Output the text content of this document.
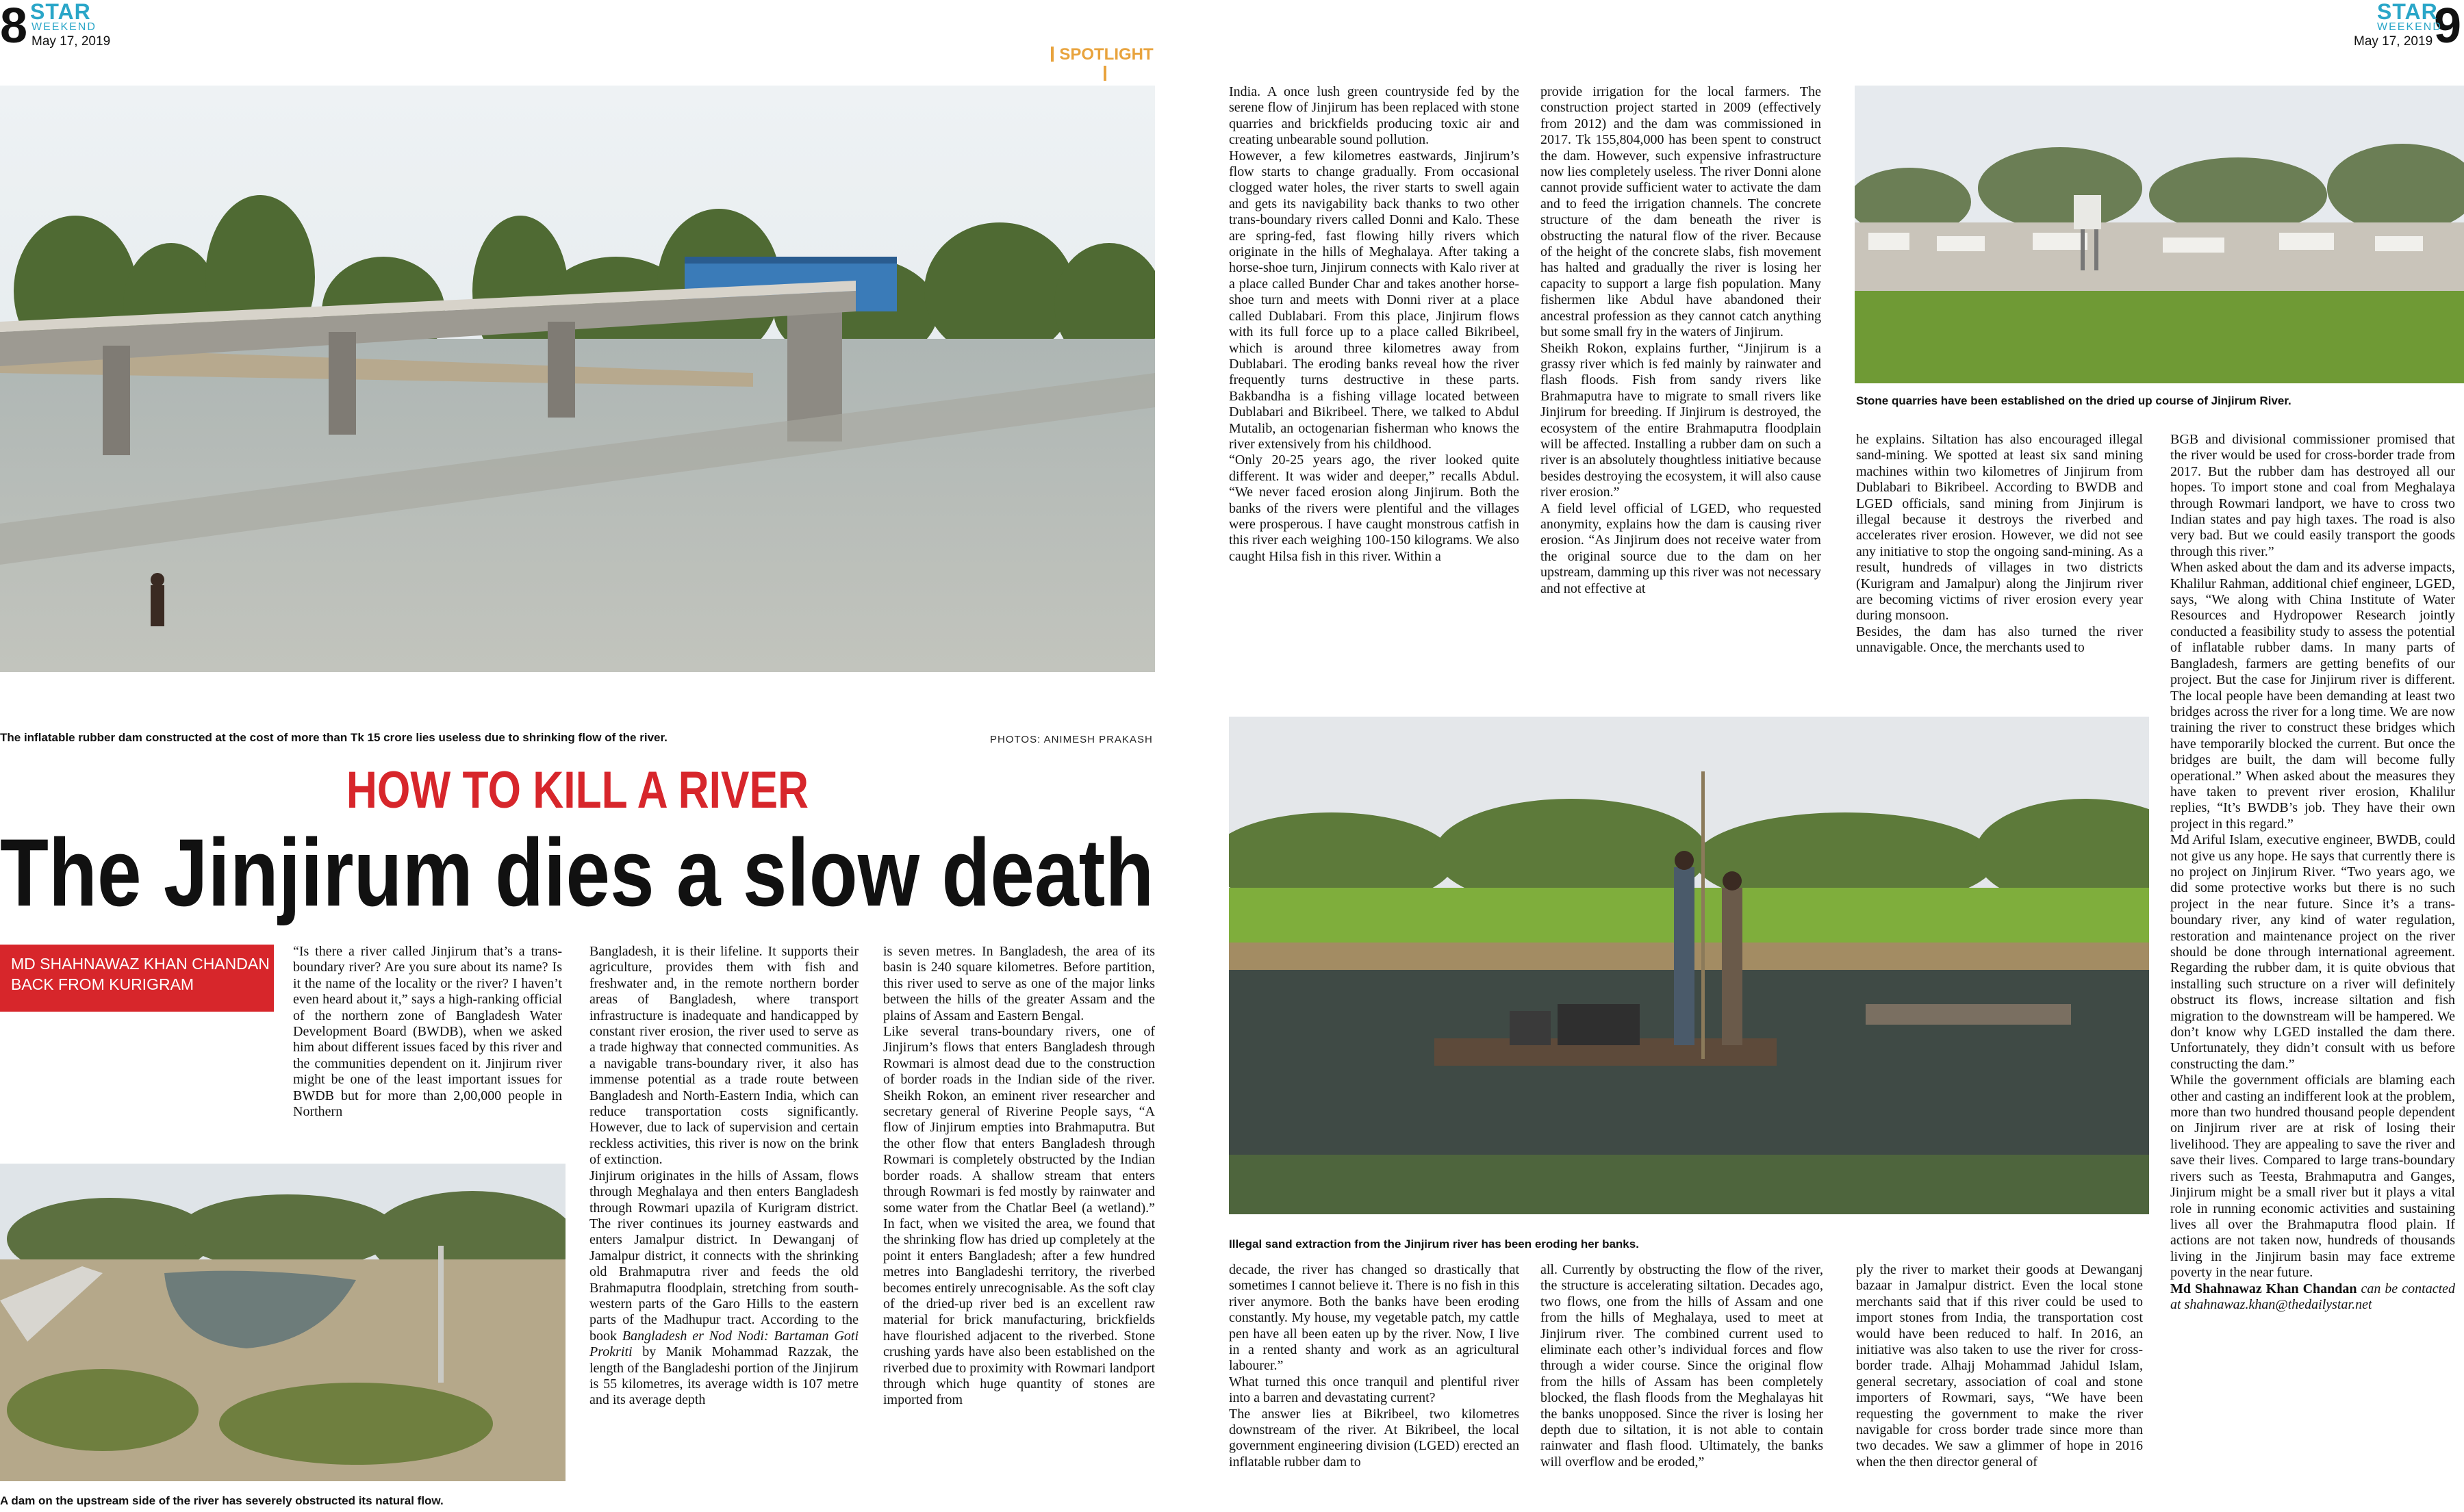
8 STAR
WEEKEND
May 17, 2019
SPOTLIGHT
9
STAR
WEEKEND
May 17, 2019
The inflatable rubber dam constructed at the cost of more than Tk 15 crore lies useless due to shrinking flow of the river.	PHOTOS: ANIMESH PRAKASH
HOW TO KILL A RIVER
The Jinjirum dies a slow death
MD SHAHNAWAZ KHAN CHANDAN
BACK FROM KURIGRAM
“Is there a river called Jinjirum that’s a trans-boundary river? Are you sure about its name? Is it the name of the locality or the river? I haven’t even heard about it,” says a high-ranking official of the northern zone of Bangladesh Water Development Board (BWDB), when we asked him about different issues faced by this river and the communities dependent on it. Jinjirum river might be one of the least important issues for BWDB but for more than 2,00,000 people in Northern
Bangladesh, it is their lifeline. It supports their agriculture, provides them with fish and freshwater and, in the remote northern border areas of Bangladesh, where transport infrastructure is inadequate and handicapped by constant river erosion, the river used to serve as a trade highway that connected communities. As a navigable trans-boundary river, it also has immense potential as a trade route between Bangladesh and North-Eastern India, which can reduce transportation costs significantly. However, due to lack of supervision and certain reckless activities, this river is now on the brink of extinction.
Jinjirum originates in the hills of Assam, flows through Meghalaya and then enters Bangladesh through Rowmari upazila of Kurigram district. The river continues its journey eastwards and enters Jamalpur district. In Dewanganj of Jamalpur district, it connects with the shrinking old Brahmaputra river and feeds the old Brahmaputra floodplain, stretching from south-western parts of the Garo Hills to the eastern parts of the Madhupur tract. According to the book Bangladesh er Nod Nodi: Bartaman Goti Prokriti by Manik Mohammad Razzak, the length of the Bangladeshi portion of the Jinjirum is 55 kilometres, its average width is 107 metre and its average depth
is seven metres. In Bangladesh, the area of its basin is 240 square kilometres. Before partition, this river used to serve as one of the major links between the hills of the greater Assam and the plains of Assam and Eastern Bengal.
Like several trans-boundary rivers, one of Jinjirum’s flows that enters Bangladesh through Rowmari is almost dead due to the construction of border roads in the Indian side of the river. Sheikh Rokon, an eminent river researcher and secretary general of Riverine People says, “A flow of Jinjirum empties into Brahmaputra. But the other flow that enters Bangladesh through Rowmari is completely obstructed by the Indian border roads. A shallow stream that enters through Rowmari is fed mostly by rainwater and some water from the Chatlar Beel (a wetland).” In fact, when we visited the area, we found that the shrinking flow has dried up completely at the point it enters Bangladesh; after a few hundred metres into Bangladeshi territory, the riverbed becomes entirely unrecognisable. As the soft clay of the dried-up river bed is an excellent raw material for brick manufacturing, brickfields have flourished adjacent to the riverbed. Stone crushing yards have also been established on the riverbed due to proximity with Rowmari landport through which huge quantity of stones are imported from
A dam on the upstream side of the river has severely obstructed its natural flow.
India. A once lush green countryside fed by the serene flow of Jinjirum has been replaced with stone quarries and brickfields producing toxic air and creating unbearable sound pollution.
However, a few kilometres eastwards, Jinjirum’s flow starts to change gradually. From occasional clogged water holes, the river starts to swell again and gets its navigability back thanks to two other trans-boundary rivers called Donni and Kalo. These are spring-fed, fast flowing hilly rivers which originate in the hills of Meghalaya. After taking a horse-shoe turn, Jinjirum connects with Kalo river at a place called Bunder Char and takes another horse-shoe turn and meets with Donni river at a place called Dublabari. From this place, Jinjirum flows with its full force up to a place called Bikribeel, which is around three kilometres away from Dublabari. The eroding banks reveal how the river frequently turns destructive in these parts. Bakbandha is a fishing village located between Dublabari and Bikribeel. There, we talked to Abdul Mutalib, an octogenarian fisherman who knows the river extensively from his childhood.
“Only 20-25 years ago, the river looked quite different. It was wider and deeper,” recalls Abdul. “We never faced erosion along Jinjirum. Both the banks of the rivers were plentiful and the villages were prosperous. I have caught monstrous catfish in this river each weighing 100-150 kilograms. We also caught Hilsa fish in this river. Within a
provide irrigation for the local farmers. The construction project started in 2009 (effectively from 2012) and the dam was commissioned in 2017. Tk 155,804,000 has been spent to construct the dam. However, such expensive infrastructure now lies completely useless. The river Donni alone cannot provide sufficient water to activate the dam and to feed the irrigation channels. The concrete structure of the dam beneath the river is obstructing the natural flow of the river. Because of the height of the concrete slabs, fish movement has halted and gradually the river is losing her capacity to support a large fish population. Many fishermen like Abdul have abandoned their ancestral profession as they cannot catch anything but some small fry in the waters of Jinjirum.
Sheikh Rokon, explains further, “Jinjirum is a grassy river which is fed mainly by rainwater and flash floods. Fish from sandy rivers like Brahmaputra have to migrate to small rivers like Jinjirum for breeding. If Jinjirum is destroyed, the ecosystem of the entire Brahmaputra floodplain will be affected. Installing a rubber dam on such a river is an absolutely thoughtless initiative because besides destroying the ecosystem, it will also cause river erosion.”
A field level official of LGED, who requested anonymity, explains how the dam is causing river erosion. “As Jinjirum does not receive water from the original source due to the dam on her upstream, damming up this river was not necessary and not effective at
Stone quarries have been established on the dried up course of Jinjirum River.
he explains. Siltation has also encouraged illegal sand-mining. We spotted at least six sand mining machines within two kilometres of Jinjirum from Dublabari to Bikribeel. According to BWDB and LGED officials, sand mining from Jinjirum is illegal because it destroys the riverbed and accelerates river erosion. However, we did not see any initiative to stop the ongoing sand-mining. As a result, hundreds of villages in two districts (Kurigram and Jamalpur) along the Jinjirum river are becoming victims of river erosion every year during monsoon.
Besides, the dam has also turned the river unnavigable. Once, the merchants used to
BGB and divisional commissioner promised that the river would be used for cross-border trade from 2017. But the rubber dam has destroyed all our hopes. To import stone and coal from Meghalaya through Rowmari landport, we have to cross two Indian states and pay high taxes. The road is also very bad. But we could easily transport the goods through this river.”
When asked about the dam and its adverse impacts, Khalilur Rahman, additional chief engineer, LGED, says, “We along with China Institute of Water Resources and Hydropower Research jointly conducted a feasibility study to assess the potential of inflatable rubber dams. In many parts of Bangladesh, farmers are getting benefits of our project. But the case for Jinjirum river is different. The local people have been demanding at least two bridges across the river for a long time. We are now training the river to construct these bridges which have temporarily blocked the current. But once the bridges are built, the dam will become fully operational.” When asked about the measures they have taken to prevent river erosion, Khalilur replies, “It’s BWDB’s job. They have their own project in this regard.”
Md Ariful Islam, executive engineer, BWDB, could not give us any hope. He says that currently there is no project on Jinjirum River. “Two years ago, we did some protective works but there is no such project in the near future. Since it’s a trans-boundary river, any kind of water regulation, restoration and maintenance project on the river should be done through international agreement. Regarding the rubber dam, it is quite obvious that installing such structure on a river will definitely obstruct its flows, increase siltation and fish migration to the downstream will be hampered. We don’t know why LGED installed the dam there. Unfortunately, they didn’t consult with us before constructing the dam.”
While the government officials are blaming each other and casting an indifferent look at the problem, more than two hundred thousand people dependent on Jinjirum river are at risk of losing their livelihood. They are appealing to save the river and save their lives. Compared to large trans-boundary rivers such as Teesta, Brahmaputra and Ganges, Jinjirum might be a small river but it plays a vital role in running economic activities and sustaining lives all over the Brahmaputra flood plain. If actions are not taken now, hundreds of thousands living in the Jinjirum basin may face extreme poverty in the near future.
Md Shahnawaz Khan Chandan can be contacted at shahnawaz.khan@thedailystar.net
Illegal sand extraction from the Jinjirum river has been eroding her banks.
decade, the river has changed so drastically that sometimes I cannot believe it. There is no fish in this river anymore. Both the banks have been eroding constantly. My house, my vegetable patch, my cattle pen have all been eaten up by the river. Now, I live in a rented shanty and work as an agricultural labourer.”
What turned this once tranquil and plentiful river into a barren and devastating current?
The answer lies at Bikribeel, two kilometres downstream of the river. At Bikribeel, the local government engineering division (LGED) erected an inflatable rubber dam to
all. Currently by obstructing the flow of the river, the structure is accelerating siltation. Decades ago, two flows, one from the hills of Assam and one from the hills of Meghalaya, used to meet at Jinjirum river. The combined current used to eliminate each other’s individual forces and flow through a wider course. Since the original flow from the hills of Assam has been completely blocked, the flash floods from the Meghalayas hit the banks unopposed. Since the river is losing her depth due to siltation, it is not able to contain rainwater and flash flood. Ultimately, the banks will overflow and be eroded,”
ply the river to market their goods at Dewanganj bazaar in Jamalpur district. Even the local stone merchants said that if this river could be used to import stones from India, the transportation cost would have been reduced to half. In 2016, an initiative was also taken to use the river for cross-border trade. Alhajj Mohammad Jahidul Islam, general secretary, association of coal and stone importers of Rowmari, says, “We have been requesting the government to make the river navigable for cross border trade since more than two decades. We saw a glimmer of hope in 2016 when the then director general of
